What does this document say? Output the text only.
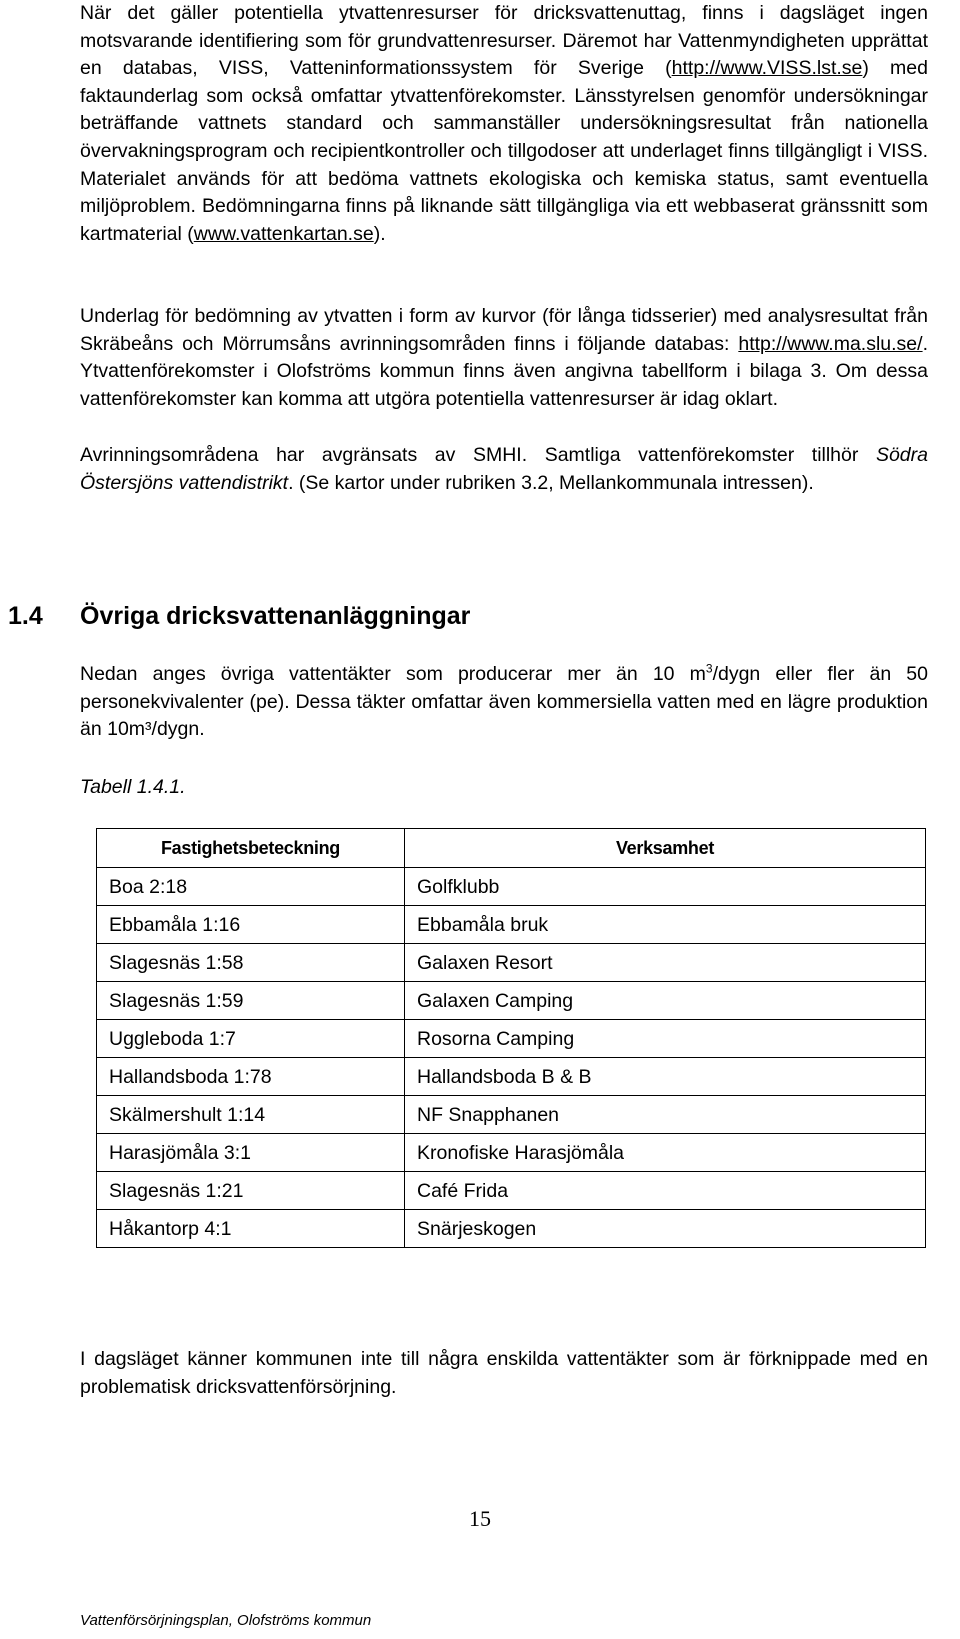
När det gäller potentiella ytvattenresurser för dricksvattenuttag, finns i dagsläget ingen motsvarande identifiering som för grundvattenresurser. Däremot har Vattenmyndigheten upprättat en databas, VISS, Vatteninformationssystem för Sverige (http://www.VISS.lst.se) med faktaunderlag som också omfattar ytvattenförekomster. Länsstyrelsen genomför undersökningar beträffande vattnets standard och sammanställer undersökningsresultat från nationella övervakningsprogram och recipientkontroller och tillgodoser att underlaget finns tillgängligt i VISS. Materialet används för att bedöma vattnets ekologiska och kemiska status, samt eventuella miljöproblem. Bedömningarna finns på liknande sätt tillgängliga via ett webbaserat gränssnitt som kartmaterial (www.vattenkartan.se).

Underlag för bedömning av ytvatten i form av kurvor (för långa tidsserier) med analysresultat från Skräbeåns och Mörrumsåns avrinningsområden finns i följande databas: http://www.ma.slu.se/. Ytvattenförekomster i Olofströms kommun finns även angivna tabellform i bilaga 3. Om dessa vattenförekomster kan komma att utgöra potentiella vattenresurser är idag oklart.

Avrinningsområdena har avgränsats av SMHI. Samtliga vattenförekomster tillhör Södra Östersjöns vattendistrikt. (Se kartor under rubriken 3.2, Mellankommunala intressen).

1.4 Övriga dricksvattenanläggningar

Nedan anges övriga vattentäkter som producerar mer än 10 $m^3$/dygn eller fler än 50 personekvivalenter (pe). Dessa täkter omfattar även kommersiella vatten med en lägre produktion än 10m³/dygn.

Tabell 1.4.1.
Fastighetsbeteckning	Verksamhet
Boa 2:18	Golfklubb
Ebbamåla 1:16	Ebbamåla bruk
Slagesnäs 1:58	Galaxen Resort
Slagesnäs 1:59	Galaxen Camping
Uggleboda 1:7	Rosorna Camping
Hallandsboda 1:78	Hallandsboda B & B
Skälmershult 1:14	NF Snapphanen
Harasjömåla 3:1	Kronofiske Harasjömåla
Slagesnäs 1:21	Café Frida
Håkantorp 4:1	Snärjeskogen

I dagsläget känner kommunen inte till några enskilda vattentäkter som är förknippade med en problematisk dricksvattenförsörjning.

15
Vattenförsörjningsplan, Olofströms kommun
